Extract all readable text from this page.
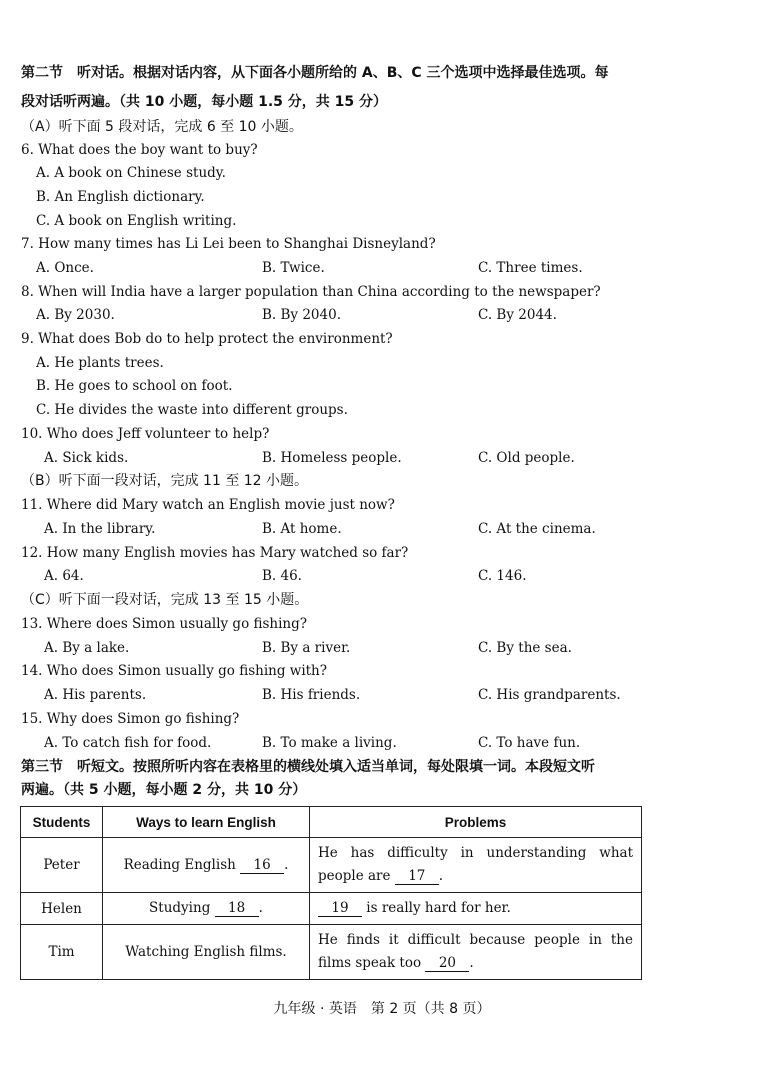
第二节　听对话。根据对话内容，从下面各小题所给的 A、B、C 三个选项中选择最佳选项。每
段对话听两遍。（共 10 小题，每小题 1.5 分，共 15 分）
（A）听下面 5 段对话，完成 6 至 10 小题。
6. What does the boy want to buy?
A. A book on Chinese study.
B. An English dictionary.
C. A book on English writing.
7. How many times has Li Lei been to Shanghai Disneyland?
A. Once.	B. Twice.	C. Three times.
8. When will India have a larger population than China according to the newspaper?
A. By 2030.	B. By 2040.	C. By 2044.
9. What does Bob do to help protect the environment?
A. He plants trees.
B. He goes to school on foot.
C. He divides the waste into different groups.
10. Who does Jeff volunteer to help?
A. Sick kids.	B. Homeless people.	C. Old people.
（B）听下面一段对话，完成 11 至 12 小题。
11. Where did Mary watch an English movie just now?
A. In the library.	B. At home.	C. At the cinema.
12. How many English movies has Mary watched so far?
A. 64.	B. 46.	C. 146.
（C）听下面一段对话，完成 13 至 15 小题。
13. Where does Simon usually go fishing?
A. By a lake.	B. By a river.	C. By the sea.
14. Who does Simon usually go fishing with?
A. His parents.	B. His friends.	C. His grandparents.
15. Why does Simon go fishing?
A. To catch fish for food.	B. To make a living.	C. To have fun.
第三节　听短文。按照所听内容在表格里的横线处填入适当单词，每处限填一词。本段短文听
两遍。（共 5 小题，每小题 2 分，共 10 分）
Students	Ways to learn English	Problems
Peter	Reading English 16 .	He has difficulty in understanding what people are 17 .
Helen	Studying 18 .	19 is really hard for her.
Tim	Watching English films.	He finds it difficult because people in the films speak too 20 .
九年级 · 英语　第 2 页（共 8 页）
